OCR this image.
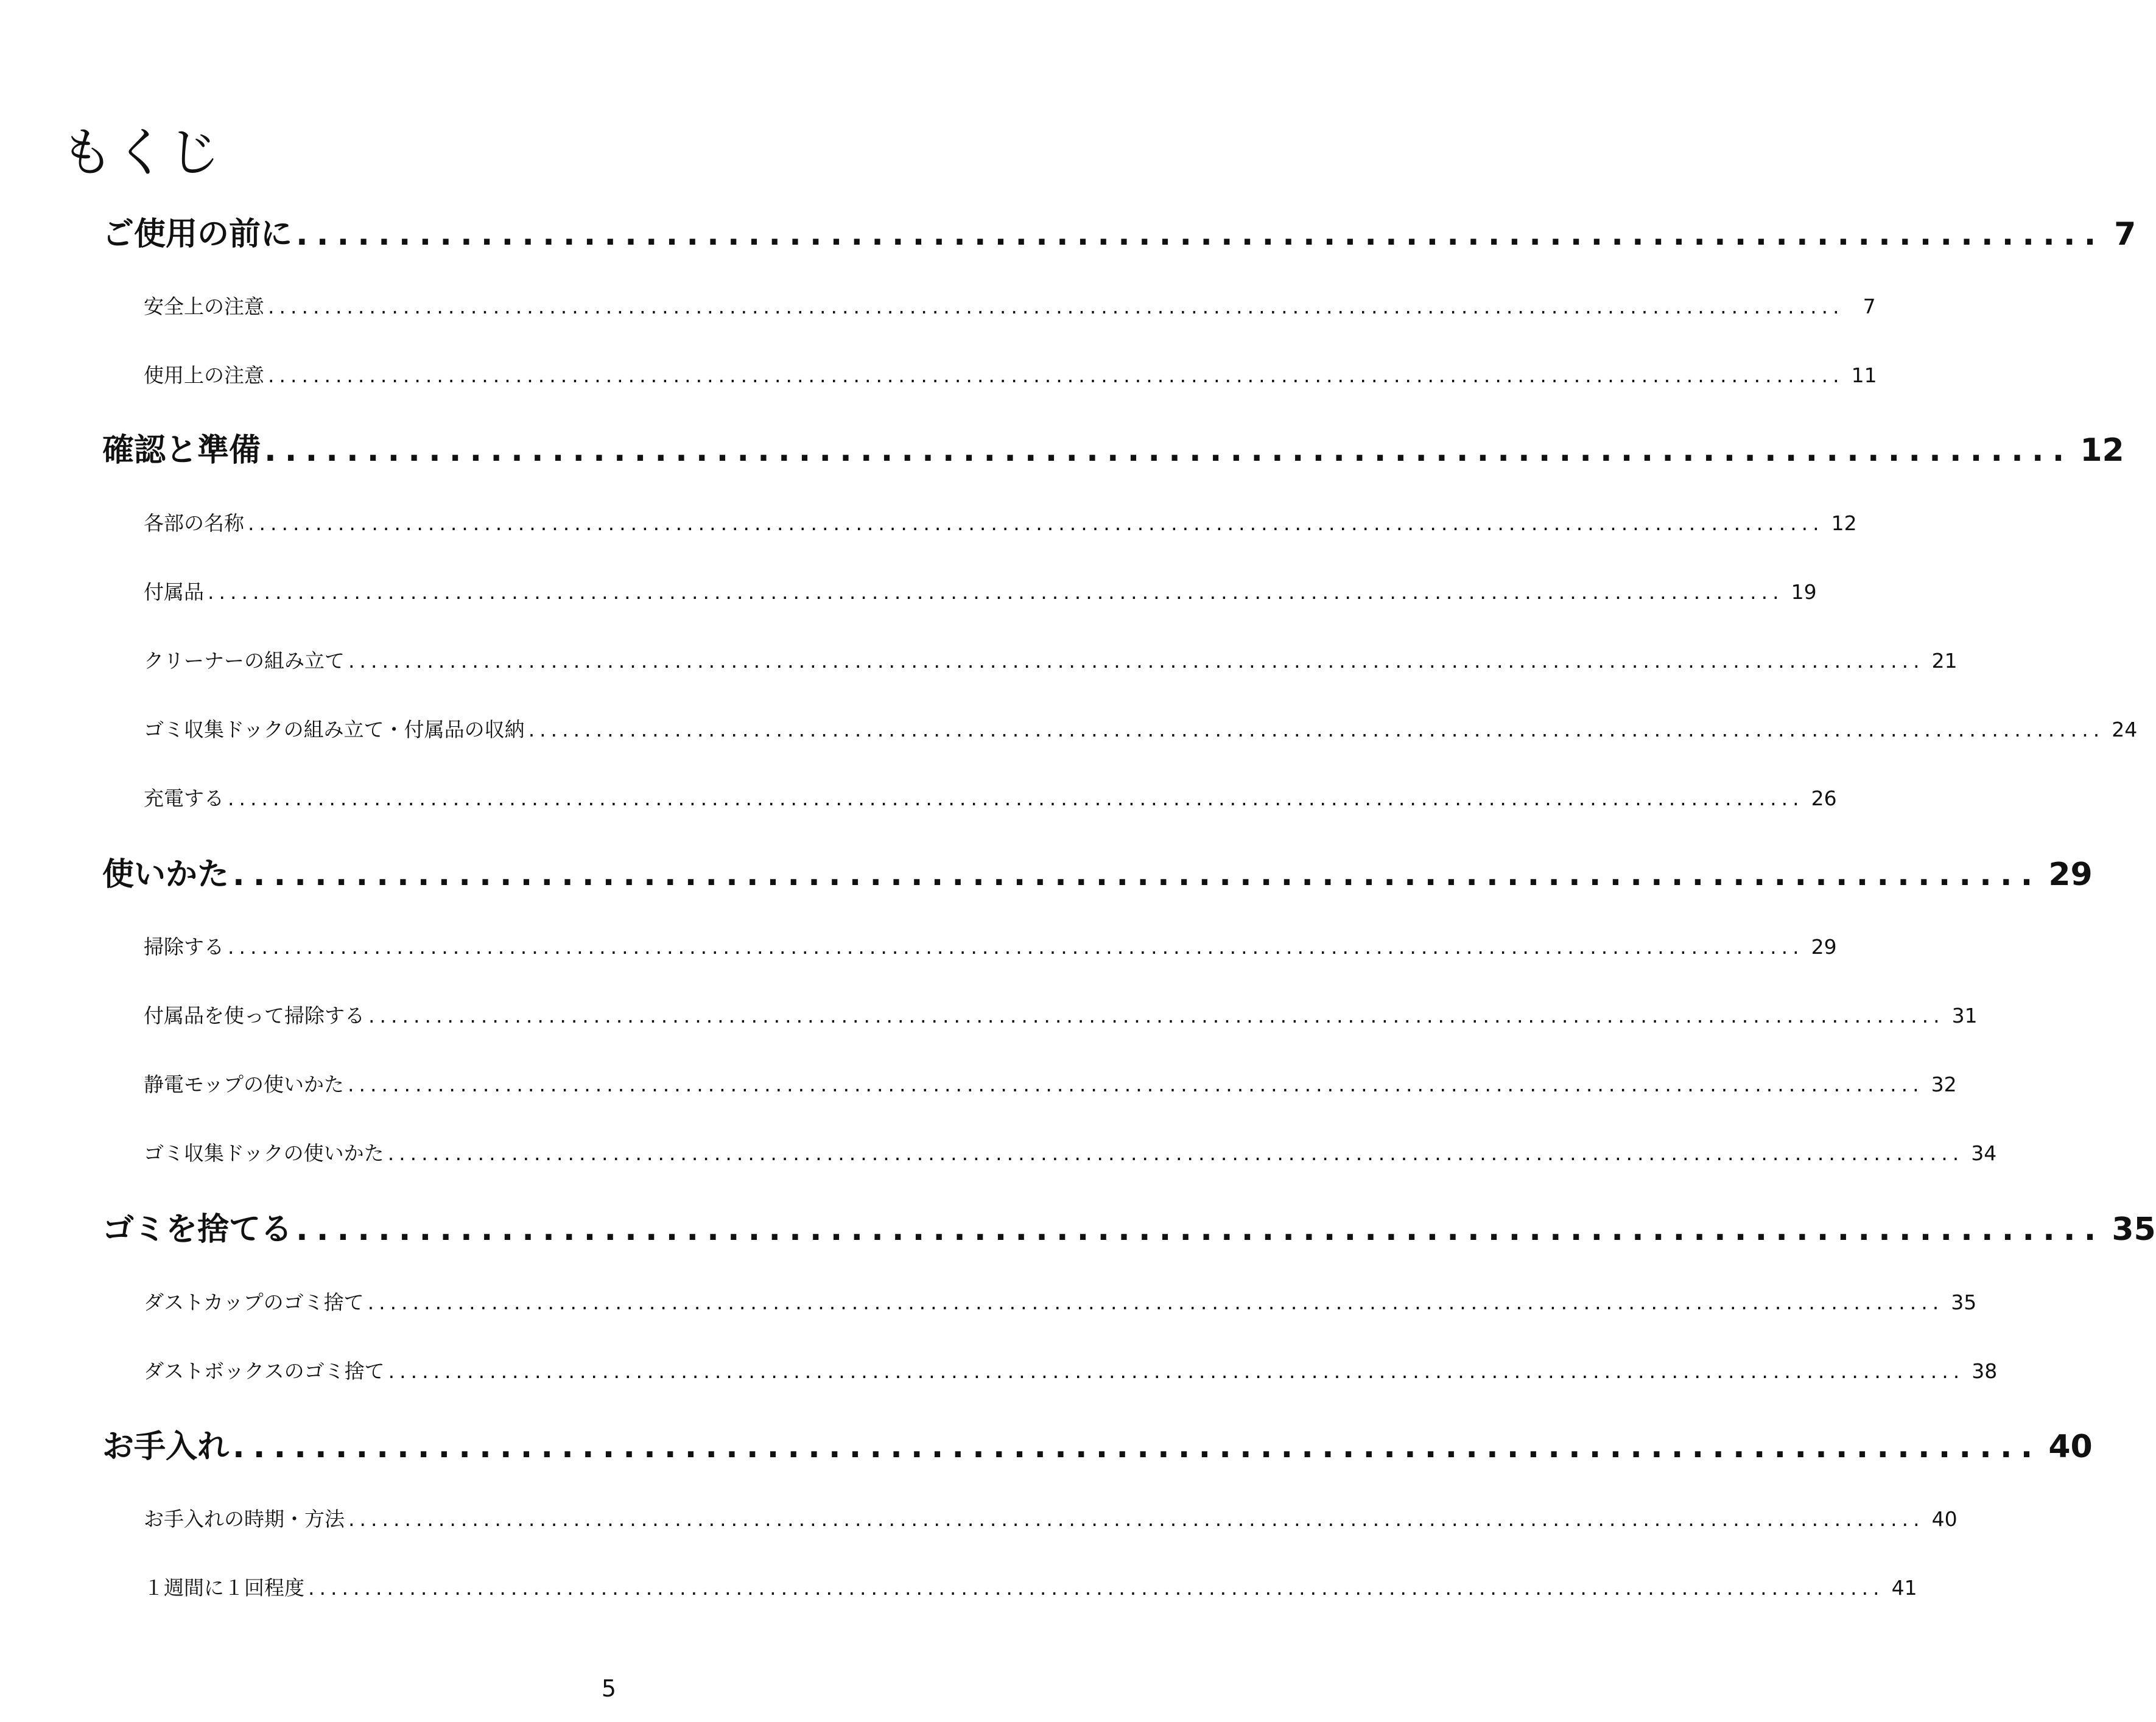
もくじ
ご使用の前に ........................................................................................ 7
安全上の注意 ............................................................................................................................................ 7
使用上の注意 ............................................................................................................................................ 11
確認と準備 ........................................................................................ 12
各部の名称 ............................................................................................................................................ 12
付属品 ............................................................................................................................................ 19
クリーナーの組み立て ............................................................................................................................................ 21
ゴミ収集ドックの組み立て・付属品の収納 ............................................................................................................................................ 24
充電する ............................................................................................................................................ 26
使いかた ........................................................................................ 29
掃除する ............................................................................................................................................ 29
付属品を使って掃除する ............................................................................................................................................ 31
静電モップの使いかた ............................................................................................................................................ 32
ゴミ収集ドックの使いかた ............................................................................................................................................ 34
ゴミを捨てる ........................................................................................ 35
ダストカップのゴミ捨て ............................................................................................................................................ 35
ダストボックスのゴミ捨て ............................................................................................................................................ 38
お手入れ ........................................................................................ 40
お手入れの時期・方法 ............................................................................................................................................ 40
１週間に１回程度 ............................................................................................................................................ 41
5
